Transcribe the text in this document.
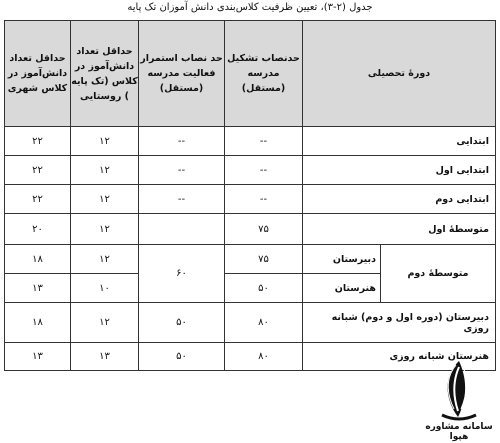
جدول (۲-۳)، تعیین ظرفیت کلاس‌بندی دانش آموزان تک پایه
دورۀ تحصیلی		حدنصاب تشکیل مدرسه (مستقل)	حد نصاب استمرار فعالیت مدرسه (مستقل)	حداقل تعداد دانش‌آموز در کلاس (تک پایه ) روستایی	حداقل تعداد دانش‌آموز در کلاس شهری	
ابتدایی		--	--	۱۲	۲۲	
ابتدایی اول		--	--	۱۲	۲۲	
ابتدایی دوم		--	--	۱۲	۲۲	
متوسطۀ اول		۷۵		۱۲	۲۰	
متوسطۀ دوم	دبیرستان	۷۵	۶۰	۱۲	۱۸	
	هنرستان	۵۰		۱۰	۱۳	
دبیرستان (دوره اول و دوم) شبانه روزی		۸۰	۵۰	۱۲	۱۸	
هنرستان شبانه روزی		۸۰	۵۰	۱۳	۱۳	
سامانه مشاوره هپوا
